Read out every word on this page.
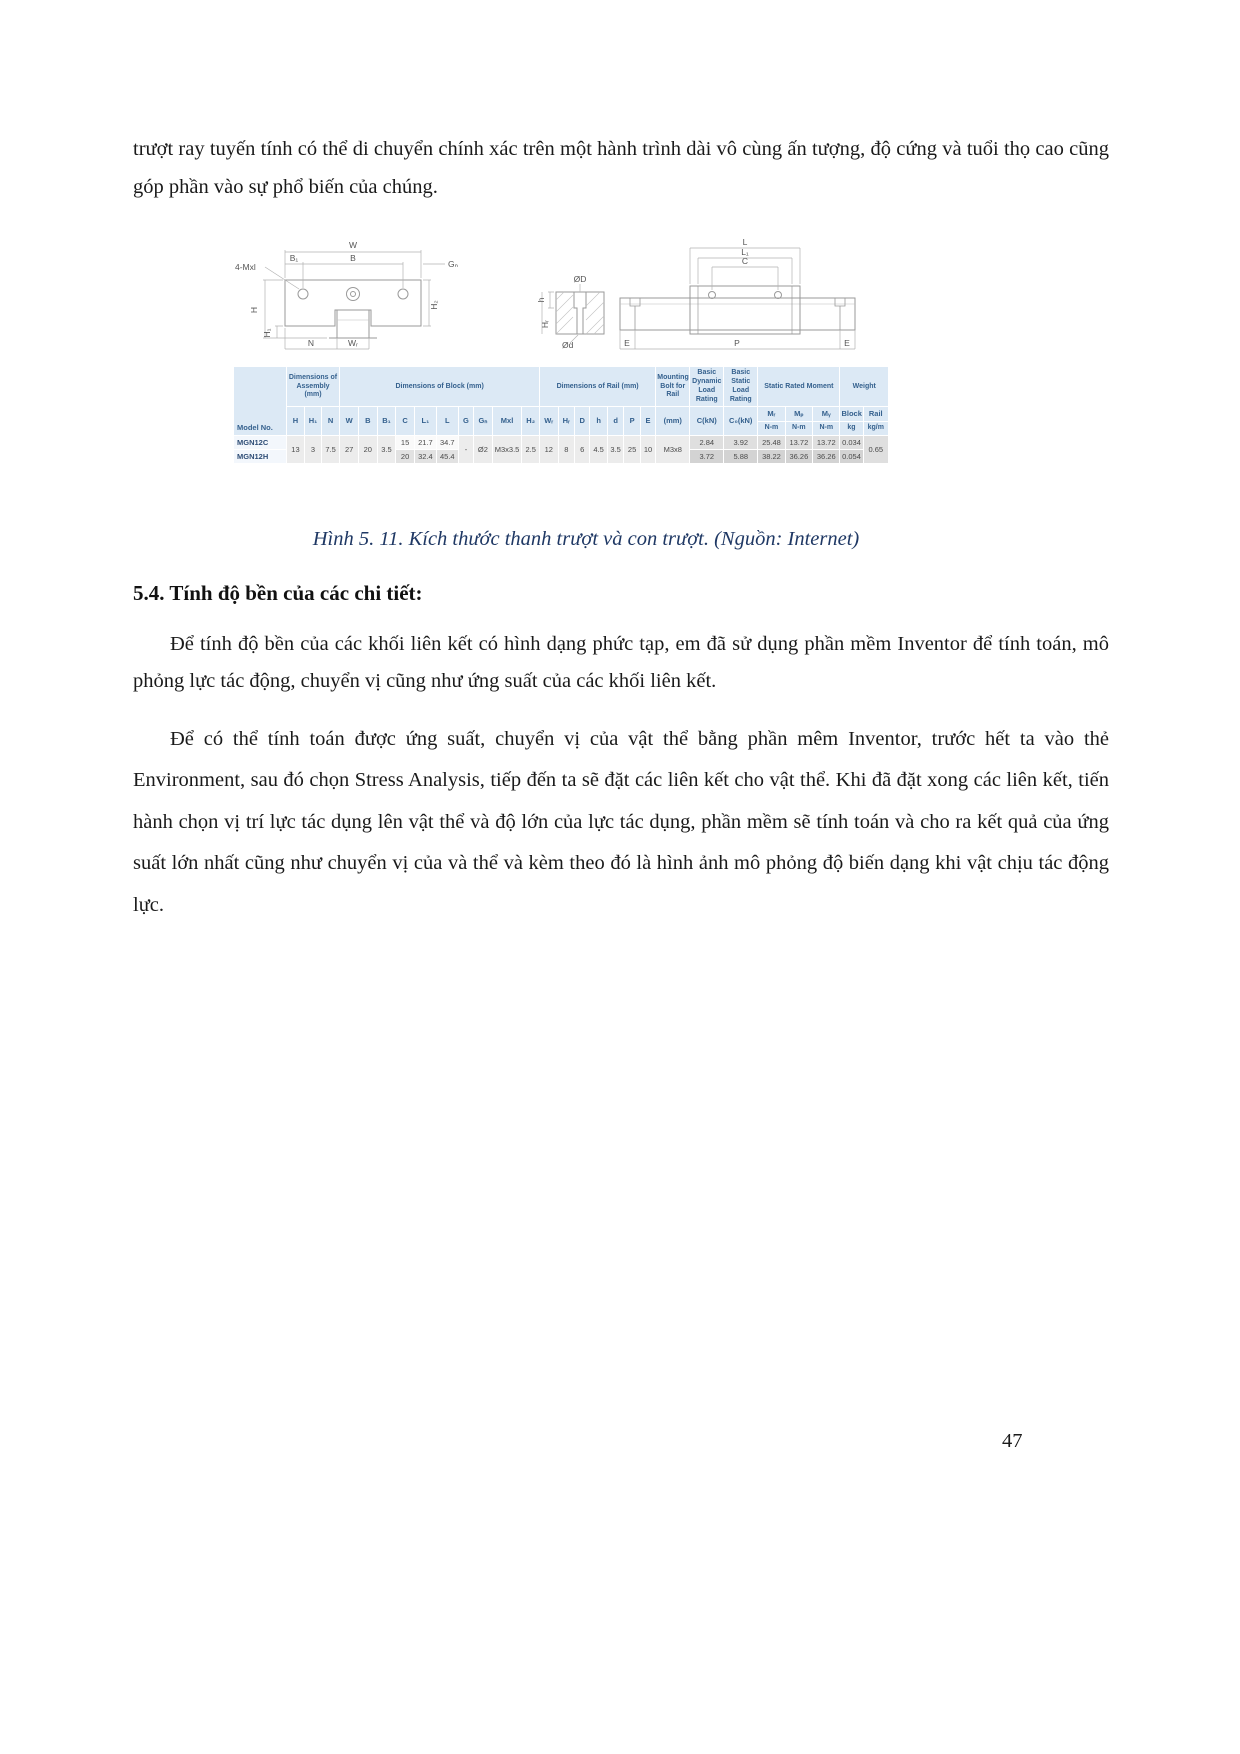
trượt ray tuyến tính có thể di chuyển chính xác trên một hành trình dài vô cùng ấn tượng, độ cứng và tuổi thọ cao cũng góp phần vào sự phổ biến của chúng.

W
B₁	B
Gₙ
4-Mxl
H
H₁
N	Wᵣ
H₂
L
L₁
C
ØD
Ød
h
Hᵣ
E	P	E
Model No.	Dimensions of Assembly (mm)			Dimensions of Block (mm)										Dimensions of Rail (mm)							Mounting Bolt for Rail	Basic Dynamic Load Rating	Basic Static Load Rating	Static Rated Moment			Weight	
	H	H₁	N	W	B	B₁	C	L₁	L	G	Gₙ	Mxl	H₂	Wᵣ	Hᵣ	D	h	d	P	E	(mm)	C(kN)	C₀(kN)	Mᵣ	Mₚ	Mᵧ	Block	Rail
																								N-m	N-m	N-m	kg	kg/m
MGN12C	13	3	7.5	27	20	3.5	15	21.7	34.7	-	Ø2	M3x3.5	2.5	12	8	6	4.5	3.5	25	10	M3x8	2.84	3.92	25.48	13.72	13.72	0.034	0.65
MGN12H							20	32.4	45.4													3.72	5.88	38.22	36.26	36.26	0.054	

Hình 5. 11. Kích thước thanh trượt và con trượt. (Nguồn: Internet)

5.4. Tính độ bền của các chi tiết:

Để tính độ bền của các khối liên kết có hình dạng phức tạp, em đã sử dụng phần mềm Inventor để tính toán, mô phỏng lực tác động, chuyển vị cũng như ứng suất của các khối liên kết.

Để có thể tính toán được ứng suất, chuyển vị của vật thể bằng phần mêm Inventor, trước hết ta vào thẻ Environment, sau đó chọn Stress Analysis, tiếp đến ta sẽ đặt các liên kết cho vật thể. Khi đã đặt xong các liên kết, tiến hành chọn vị trí lực tác dụng lên vật thể và độ lớn của lực tác dụng, phần mềm sẽ tính toán và cho ra kết quả của ứng suất lớn nhất cũng như chuyển vị của và thể và kèm theo đó là hình ảnh mô phỏng độ biến dạng khi vật chịu tác động lực.

47
